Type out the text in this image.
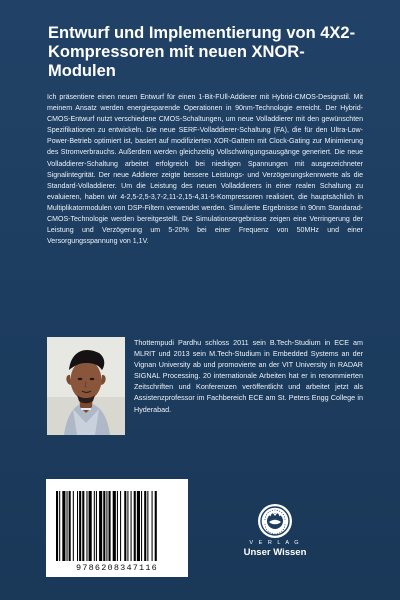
Entwurf und Implementierung von 4X2-Kompressoren mit neuen XNOR-Modulen

Ich präsentiere einen neuen Entwurf für einen 1-Bit-FUll-Addierer mit Hybrid-CMOS-Designstil. Mit meinem Ansatz werden energiesparende Operationen in 90nm-Technologie erreicht. Der Hybrid-CMOS-Entwurf nutzt verschiedene CMOS-Schaltungen, um neue Volladdierer mit den gewünschten Spezifikationen zu entwickeln. Die neue SERF-Volladdierer-Schaltung (FA), die für den Ultra-Low-Power-Betrieb optimiert ist, basiert auf modifizierten XOR-Gattern mit Clock-Gating zur Minimierung des Stromverbrauchs. Außerdem werden gleichzeitig Vollschwingungsausgänge generiert. Die neue Volladdierer-Schaltung arbeitet erfolgreich bei niedrigen Spannungen mit ausgezeichneter Signalintegrität. Der neue Addierer zeigte bessere Leistungs- und Verzögerungskennwerte als die Standard-Volladdierer. Um die Leistung des neuen Volladdierers in einer realen Schaltung zu evaluieren, haben wir 4-2,5-2,5-3,7-2,11-2,15-4,31-5-Kompressoren realisiert, die hauptsächlich in Multiplikatormodulen von DSP-Filtern verwendet werden. Simulierte Ergebnisse in 90nm Standarad-CMOS-Technologie werden bereitgestellt. Die Simulationsergebnisse zeigen eine Verringerung der Leistung und Verzögerung um 5-20% bei einer Frequenz von 50MHz und einer Versorgungsspannung von 1,1V.

Thottempudi Pardhu schloss 2011 sein B.Tech-Studium in ECE am MLRIT und 2013 sein M.Tech-Studium in Embedded Systems an der Vignan University ab und promovierte an der VIT University in RADAR SIGNAL Processing. 20 internationale Arbeiten hat er in renommierten Zeitschriften und Konferenzen veröffentlicht und arbeitet jetzt als Assistenzprofessor im Fachbereich ECE am St. Peters Engg College in Hyderabad.

9786208347116
V E R L A G
Unser Wissen
